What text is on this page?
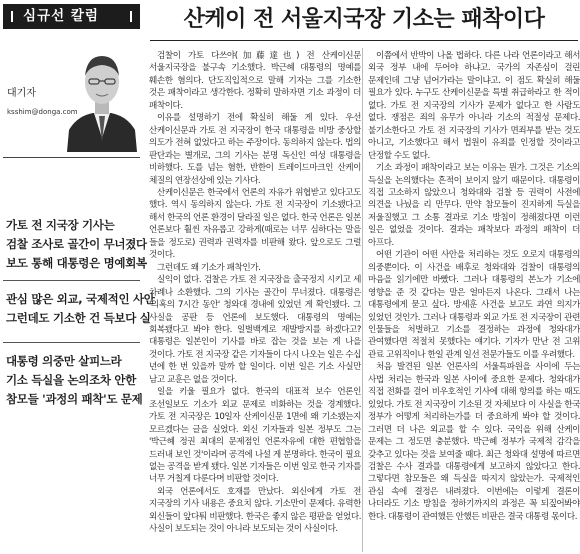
심규선 칼럼
대기자
ksshim@donga.com
가토 전 지국장 기사는
검찰 조사로 골간이 무너졌다
보도 통해 대통령은 명예회복
관심 많은 외교, 국제적인 사안
그런데도 기소한 건 득보다 실
대통령 의중만 살피느라
기소 득실을 논의조차 안한
참모들 '과정의 패착'도 문제
산케이 전 서울지국장 기소는 패착이다

검찰이 가토 다쓰야(加藤達也) 전 산케이신문 서울지국장을 불구속 기소했다. 박근혜 대통령의 명예를 훼손한 혐의다. 단도직입적으로 말해 기자는 그를 기소한 것은 패착이라고 생각한다. 정확히 말하자면 기소 과정이 더 패착이다.

이유를 설명하기 전에 확실히 해둘 게 있다. 우선 산케이신문과 가토 전 지국장이 한국 대통령을 비방 중상할 의도가 전혀 없었다고 하는 주장이다. 동의하지 않는다. 법의 판단과는 별개로, 그의 기사는 분명 독신인 여성 대통령을 비하했다. 도를 넘는 혐한, 반한이 트레이드마크인 산케이 체질의 연장선상에 있는 기사다.

산케이신문은 한국에서 언론의 자유가 위협받고 있다고도 했다. 역시 동의하지 않는다. 가토 전 지국장이 기소됐다고 해서 한국의 언론 환경이 달라질 일은 없다. 한국 언론은 일본 언론보다 훨씬 자유롭고 강하게(때로는 너무 심하다는 말을 들을 정도로) 권력과 권력자를 비판해 왔다. 앞으로도 그럴 것이다.

그런데도 왜 기소가 패착인가.

실익이 없다. 검찰은 가토 전 지국장을 출국정지 시키고 세 차례나 소환했다. 그의 기사는 골간이 무너졌다. 대통령은 '의혹의 7시간 동안' 청와대 경내에 있었던 게 확인됐다. 그 사실을 공판 등 언론에 보도했다. 대통령의 명예는 회복됐다고 봐야 한다. 일벌백계로 재발방지를 하겠다고? 대통령은 일본인이 기사를 바로 잡는 것을 보는 게 나을 것이다. 가토 전 지국장 같은 기자들이 다시 나오는 일은 수십 년에 한 번 있을까 말까 할 일이다. 이번 일은 기소 사실만 남고 교훈은 없을 것이다.

일을 키울 필요가 없다. 한국의 대표적 보수 언론인 조선일보도 기소가 외교 문제로 비화하는 것을 경계했다. 가토 전 지국장은 10일자 산케이신문 1면에 왜 기소됐는지 모르겠다는 글을 실었다. 외신 기자들과 일본 정부도 그는 '박근혜 정권 최대의 문제점인 언론자유에 대한 편협함을 드러내 보인 것'이라며 공격에 나설 게 분명하다. 한국이 필요 없는 공격을 받게 됐다. 일본 기자들은 이번 일로 한국 기자를 너무 거칠게 다룬다며 비판할 것이다.

외국 언론에서도 호재를 만났다. 외신에게 가토 전 지국장의 기사 내용은 중요치 않다. 기소만이 문제다. 유력한 외신들이 앞다퉈 비판했다. 한국은 좋지 않은 평판을 얻었다. 사실이 보도되는 것이 아니라 보도되는 것이 사실이다.

이쯤에서 반박이 나올 법하다. 다른 나라 언론이라고 해서 외국 정부 내에 두어야 하냐고. 국가의 자존심이 걸린 문제인데 그냥 넘어가라는 말이냐고. 이 점도 확실히 해둘 필요가 있다. 누구도 산케이신문을 특별 취급하라고 한 적이 없다. 가토 전 지국장의 기사가 문제가 없다고 한 사람도 없다. 쟁점은 죄의 유무가 아니라 기소의 적절성 문제다. 불기소한다고 가토 전 지국장의 기사가 면죄부를 받는 것도 아니고, 기소했다고 해서 법원이 유죄를 인정할 것이라고 단정할 수도 없다.

기소 과정이 패착이라고 보는 이유는 뭔가. 그것은 기소의 득실을 논의했다는 흔적이 보이지 않기 때문이다. 대통령이 직접 고소하지 않았으니 청와대와 검찰 등 권력이 사전에 의견을 나눴을 리 만무다. 만약 참모들이 진지하게 득실을 저울질했고 그 소통 결과로 기소 방침이 정해졌다면 이런 일은 없었을 것이다. 결과는 패착보다 과정의 패착이 더 아프다.

어떤 기관이 어떤 사안을 처리하는 것도 오로지 대통령의 의중뿐이다. 이 사건을 배후로 청와대와 검찰이 대통령의 마음을 읽기에만 바빴다. 그러나 대통령의 본노가 기소에 영향을 준 것 같다는 말은 얼마든지 나온다. 그래서 나는 대통령에게 묻고 싶다. 방세훈 사건을 보고도 과연 의지가 있었던 것인가. 그러나 대통령과 외교 가토 전 지국장이 관련 인물들을 처벌하고 기소를 결정하는 과정에 청와대가 관여했다면 적절치 못했다는 얘기다. 기자가 만난 전 고위 관료 고위직이나 한일 관계 일선 전문가들도 이를 우려했다.

처음 발견된 일본 언론사의 서울특파원을 사이에 두는 사법 처리는 한국과 일본 사이에 중요한 문제다. 청와대가 직접 전화를 걸어 비우호적인 기사에 대해 항의를 하는 때도 있었다. 가토 전 지국장이 기소된 것 자체보다 이 사실을 한국 정부가 어떻게 처리하는가를 더 중요하게 봐야 할 것이다. 그러면 더 나은 외교를 할 수 있다. 국익을 위해 산케이 문제는 그 정도면 충분했다. 박근혜 정부가 국제적 감각을 갖추고 있다는 것을 보여줄 때다. 최근 청와대 설명에 따르면 검찰은 수사 결과를 대통령에게 보고하지 않았다고 한다. 그렇다면 참모들은 왜 득실을 따지지 않았는가. 국제적인 관심 속에 결정은 내려졌다. 이번에는 이렇게 결론이 나더라도 기소 방침을 정하기까지의 과정은 꼭 되짚어봐야 한다. 대통령이 관여했든 안했든 비판은 결국 대통령 몫이다.
